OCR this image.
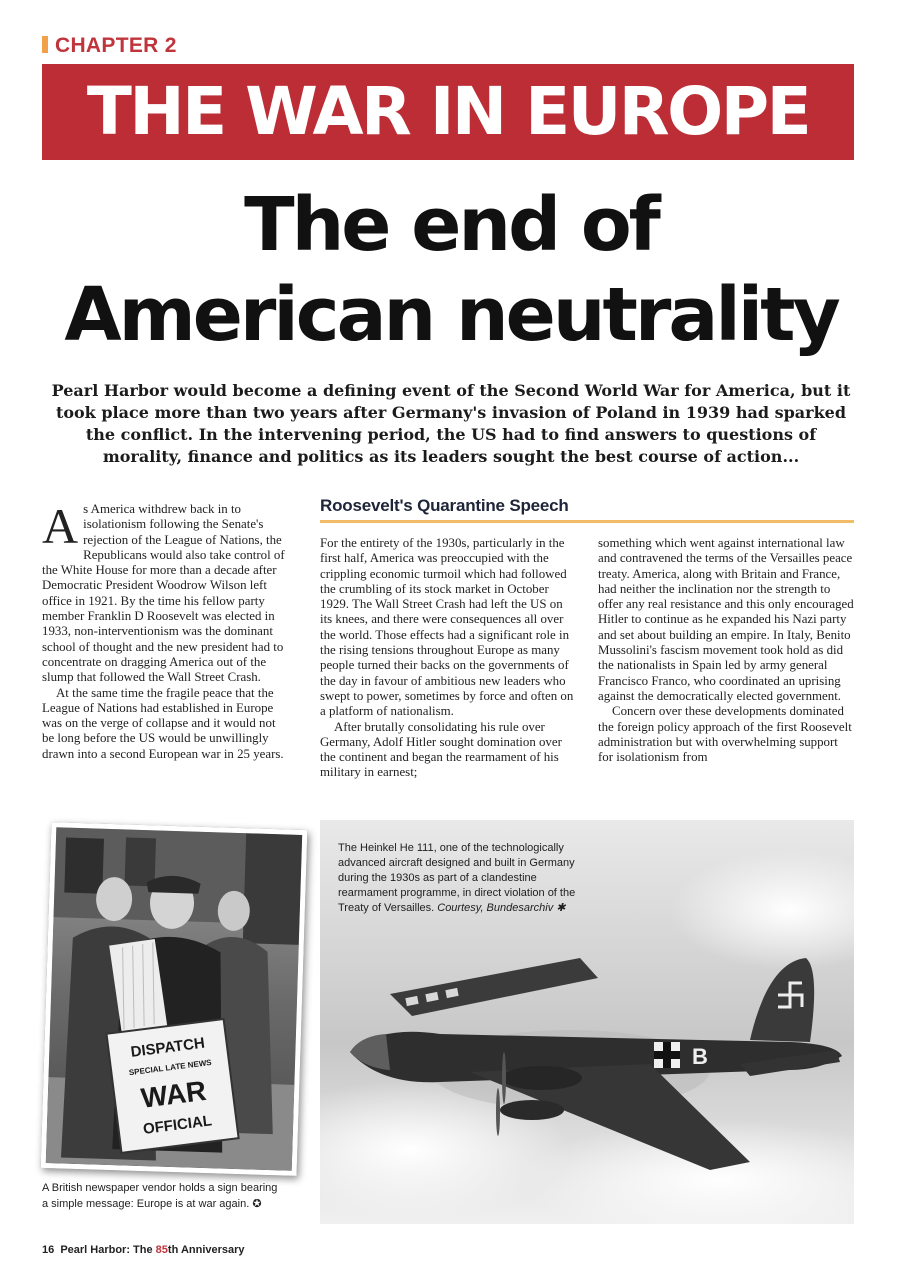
CHAPTER 2
THE WAR IN EUROPE
The end of
American neutrality
Pearl Harbor would become a defining event of the Second World War for America, but it took place more than two years after Germany's invasion of Poland in 1939 had sparked the conflict. In the intervening period, the US had to find answers to questions of morality, finance and politics as its leaders sought the best course of action...

As America withdrew back in to isolationism following the Senate's rejection of the League of Nations, the Republicans would also take control of the White House for more than a decade after Democratic President Woodrow Wilson left office in 1921. By the time his fellow party member Franklin D Roosevelt was elected in 1933, non-interventionism was the dominant school of thought and the new president had to concentrate on dragging America out of the slump that followed the Wall Street Crash.

At the same time the fragile peace that the League of Nations had established in Europe was on the verge of collapse and it would not be long before the US would be unwillingly drawn into a second European war in 25 years.

Roosevelt's Quarantine Speech

For the entirety of the 1930s, particularly in the first half, America was preoccupied with the crippling economic turmoil which had followed the crumbling of its stock market in October 1929. The Wall Street Crash had left the US on its knees, and there were consequences all over the world. Those effects had a significant role in the rising tensions throughout Europe as many people turned their backs on the governments of the day in favour of ambitious new leaders who swept to power, sometimes by force and often on a platform of nationalism.

After brutally consolidating his rule over Germany, Adolf Hitler sought domination over the continent and began the rearmament of his military in earnest;

something which went against international law and contravened the terms of the Versailles peace treaty. America, along with Britain and France, had neither the inclination nor the strength to offer any real resistance and this only encouraged Hitler to continue as he expanded his Nazi party and set about building an empire. In Italy, Benito Mussolini's fascism movement took hold as did the nationalists in Spain led by army general Francisco Franco, who coordinated an uprising against the democratically elected government.

Concern over these developments dominated the foreign policy approach of the first Roosevelt administration but with overwhelming support for isolationism from

DISPATCH
SPECIAL LATE NEWS
WAR
OFFICIAL
A British newspaper vendor holds a sign bearing a simple message: Europe is at war again. ✪
B
The Heinkel He 111, one of the technologically advanced aircraft designed and built in Germany during the 1930s as part of a clandestine rearmament programme, in direct violation of the Treaty of Versailles. Courtesy, Bundesarchiv ✱
16 Pearl Harbor: The 85th Anniversary
